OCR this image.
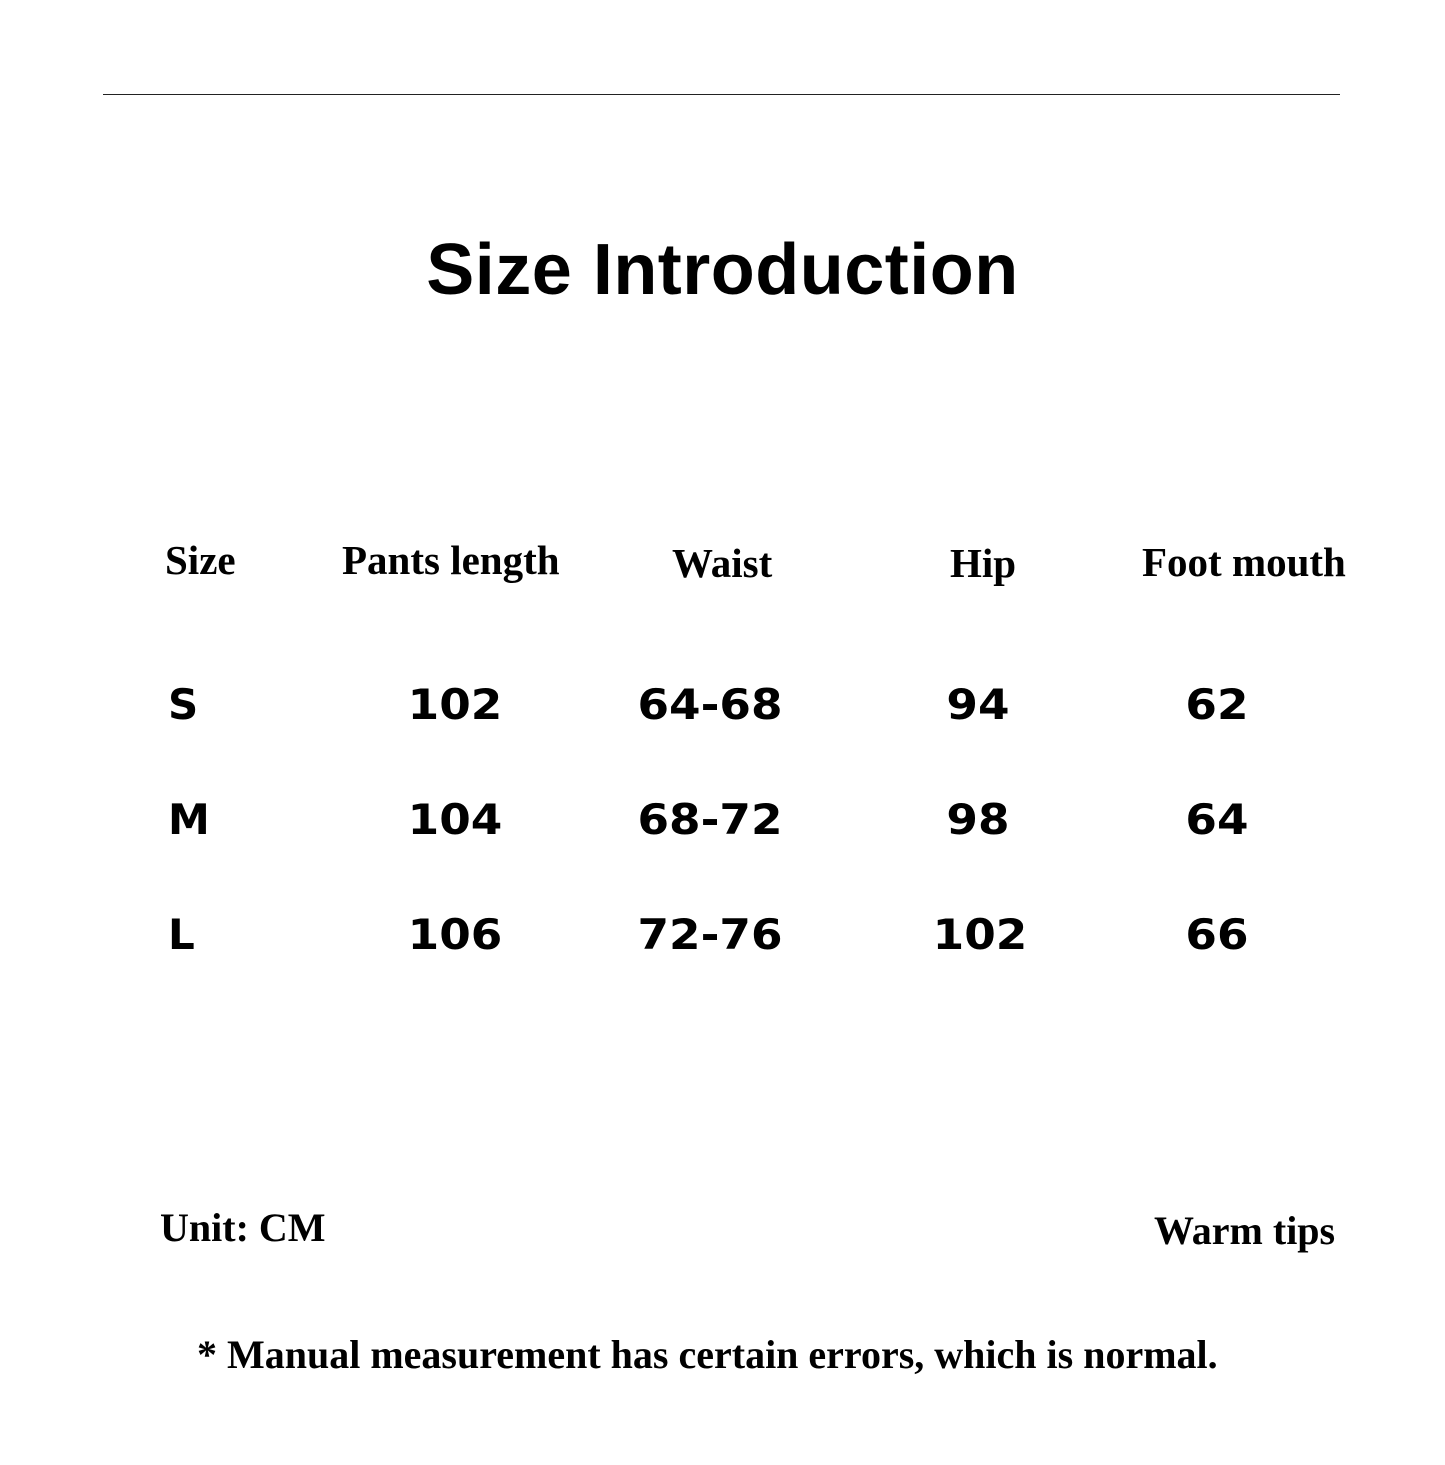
Size Introduction
Size	Pants length	Waist	Hip	Foot mouth
S	102	64-68	94	62
M	104	68-72	98	64
L	106	72-76	102	66
Unit: CM	Warm tips
* Manual measurement has certain errors, which is normal.
